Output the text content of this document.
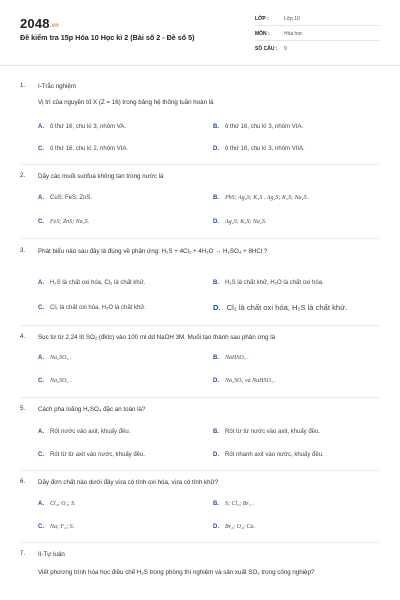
2048.vn
Đề kiểm tra 15p Hóa 10 Học kì 2 (Bài số 2 - Đề số 5)
LỚP :	Lớp 10
MÔN :	Hóa học
SỐ CÂU : 9
1. I-Trắc nghiệm
Vị trí của nguyên tố X (Z = 16) trong bảng hệ thống tuần hoàn là
A. ô thứ 16, chu kì 3, nhóm VA.	B. ô thứ 16, chu kì 3, nhóm VIA.
C. ô thứ 16, chu kì 2, nhóm VIA.	D. ô thứ 16, chu kì 3, nhóm VIIA.
2. Dãy các muối sunfua không tan trong nước là
A. CuS; FeS; ZnS.	B. PbS; Ag₂S; K₂S . Ag₂S; K₂S; Na₂S .
C. FeS; ZnS; Na₂S.	D. Ag₂S; K₂S; Na₂S.
3. Phát biểu nào sau đây là đúng về phản ứng: H₂S + 4Cl₂ + 4H₂O → H₂SO₄ + 8HCl ?
A. H₂S là chất oxi hóa, Cl₂ là chất khử.	B. H₂S là chất khử, H₂O là chất oxi hóa.
C. Cl₂ là chất oxi hóa, H₂O là chất khử.	D. Cl₂ là chất oxi hóa, H₂S là chất khử.
4. Sục từ từ 2,24 lít SO₂ (đktc) vào 100 ml dd NaOH 3M. Muối tạo thành sau phản ứng là
A. Na₂SO₃ .	B. NaHSO₃ .
C. Na₂SO₄ .	D. Na₂SO₃ và NaHSO₃ .
5. Cách pha loãng H₂SO₄ đặc an toàn là?
A. Rót nước vào axit, khuấy đều.	B. Rót từ từ nước vào axit, khuấy đều.
C. Rót từ từ axit vào nước, khuấy đều.	D. Rót nhanh axit vào nước, khuấy đều.
6. Dãy đơn chất nào dưới đây vừa có tính oxi hóa, vừa có tính khử?
A. Cl₂; O₃; S.	B. S; Cl₂; Br₂ .
C. Na; F₂; S.	D. Br₂; O₂; Ca.
7. II-Tự luận
Viết phương trình hóa học điều chế H₂S trong phòng thí nghiệm và sản xuất SO₂ trong công nghiệp?
